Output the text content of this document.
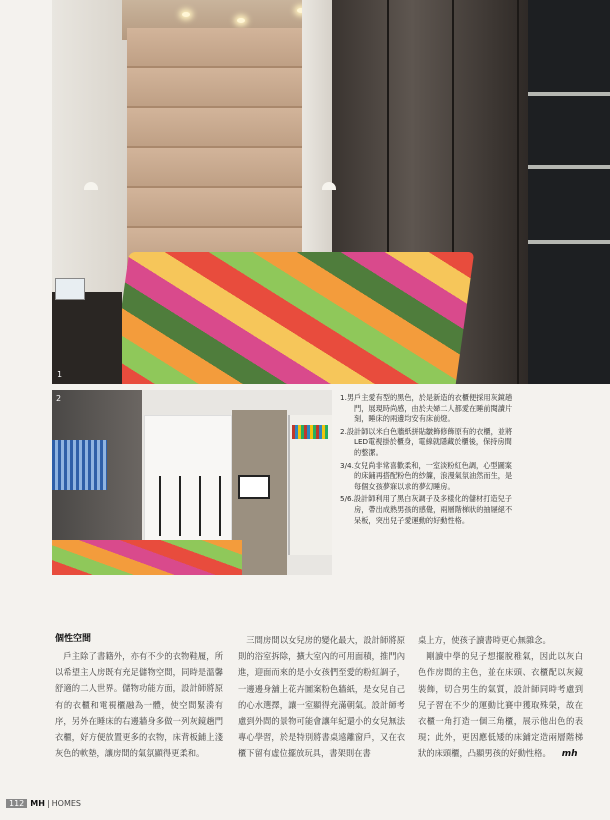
1
2	1.男戶主愛有型的黑色，於是新造的衣櫃便採用灰鏡趟門，展現時尚感，由於夫婦二人都愛在睡前閱讀片刻，睡床的兩邊均安有床前燈。

2.設計師以米白色牆紙拼貼皺飾修飾原有的衣櫃，並將LED電視掛於櫃身，電線就隱藏於櫃後，保持房間的整潔。

3/4.女兒尚非常喜歡柔和，一室淡粉紅色調，心型圖案的床鋪再搭配粉色的紗簾，浪漫氣氛油然而生，是每個女孩夢寐以求的夢幻睡房。

5/6.設計師利用了黑白灰調子及多樣化的儲材打造兒子房，帶出成熟男孩的感覺，兩層階梯狀的抽屜絕不呆板，突出兒子愛運動的好動性格。

個性空間
戶主除了書籍外，亦有不少的衣物鞋履，所以希望主人房既有充足儲物空間，同時是溫馨舒適的二人世界。儲物功能方面，設計師將原有的衣櫃和電視櫃融為一體，使空間緊湊有序，另外在睡床的右邊牆身多做一列灰鏡趟門衣櫃，好方便放置更多的衣物，床背板鋪上淺灰色的軟墊，讓房間的氣氛顯得更柔和。
三間房間以女兒房的變化最大，設計師將原則的浴室拆除，擴大室內的可用面積，推門內進，迎面而來的是小女孩們至愛的粉紅調子，一邊邊身舖上花卉圖案粉色牆紙，是女兒自己的心水選擇，讓一室顯得充滿朝氣。設計師考慮到外間的景物可能會讓年紀還小的女兒無法專心學習，於是特別將書桌遠離窗戶，又在衣櫃下留有虛位擺放玩具，書架則在書
桌上方，使孩子讀書時更心無雜念。
剛讀中學的兒子想擺脫稚氣，因此以灰白色作房間的主色，並在床頭、衣櫃配以灰鏡裝飾，切合男生的氣質，設計師同時考慮到兒子習在不少的運動比賽中獲取殊榮，故在衣櫃一角打造一個三角櫃，展示他出色的表現；此外，更因應低矮的床鋪定造兩層階梯狀的床頭櫃，凸顯男孩的好動性格。 mh
112 MH | HOMES
